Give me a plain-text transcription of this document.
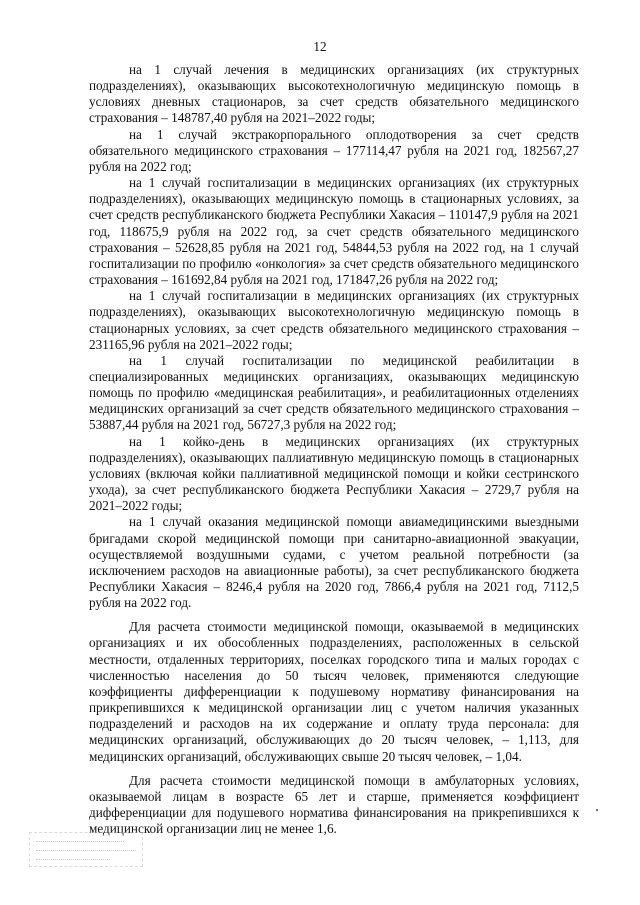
12

на 1 случай лечения в медицинских организациях (их структурных подразделениях), оказывающих высокотехнологичную медицинскую помощь в условиях дневных стационаров, за счет средств обязательного медицинского страхования – 148787,40 рубля на 2021–2022 годы;

на 1 случай экстракорпорального оплодотворения за счет средств обязательного медицинского страхования – 177114,47 рубля на 2021 год, 182567,27 рубля на 2022 год;

на 1 случай госпитализации в медицинских организациях (их структурных подразделениях), оказывающих медицинскую помощь в стационарных условиях, за счет средств республиканского бюджета Республики Хакасия – 110147,9 рубля на 2021 год, 118675,9 рубля на 2022 год, за счет средств обязательного медицинского страхования – 52628,85 рубля на 2021 год, 54844,53 рубля на 2022 год, на 1 случай госпитализации по профилю «онкология» за счет средств обязательного медицинского страхования – 161692,84 рубля на 2021 год, 171847,26 рубля на 2022 год;

на 1 случай госпитализации в медицинских организациях (их структурных подразделениях), оказывающих высокотехнологичную медицинскую помощь в стационарных условиях, за счет средств обязательного медицинского страхования – 231165,96 рубля на 2021–2022 годы;

на 1 случай госпитализации по медицинской реабилитации в специализированных медицинских организациях, оказывающих медицинскую помощь по профилю «медицинская реабилитация», и реабилитационных отделениях медицинских организаций за счет средств обязательного медицинского страхования – 53887,44 рубля на 2021 год, 56727,3 рубля на 2022 год;

на 1 койко-день в медицинских организациях (их структурных подразделениях), оказывающих паллиативную медицинскую помощь в стационарных условиях (включая койки паллиативной медицинской помощи и койки сестринского ухода), за счет республиканского бюджета Республики Хакасия – 2729,7 рубля на 2021–2022 годы;

на 1 случай оказания медицинской помощи авиамедицинскими выездными бригадами скорой медицинской помощи при санитарно-авиационной эвакуации, осуществляемой воздушными судами, с учетом реальной потребности (за исключением расходов на авиационные работы), за счет республиканского бюджета Республики Хакасия – 8246,4 рубля на 2020 год, 7866,4 рубля на 2021 год, 7112,5 рубля на 2022 год.

Для расчета стоимости медицинской помощи, оказываемой в медицинских организациях и их обособленных подразделениях, расположенных в сельской местности, отдаленных территориях, поселках городского типа и малых городах с численностью населения до 50 тысяч человек, применяются следующие коэффициенты дифференциации к подушевому нормативу финансирования на прикрепившихся к медицинской организации лиц с учетом наличия указанных подразделений и расходов на их содержание и оплату труда персонала: для медицинских организаций, обслуживающих до 20 тысяч человек, – 1,113, для медицинских организаций, обслуживающих свыше 20 тысяч человек, – 1,04.

Для расчета стоимости медицинской помощи в амбулаторных условиях, оказываемой лицам в возрасте 65 лет и старше, применяется коэффициент дифференциации для подушевого норматива финансирования на прикрепившихся к медицинской организации лиц не менее 1,6.
